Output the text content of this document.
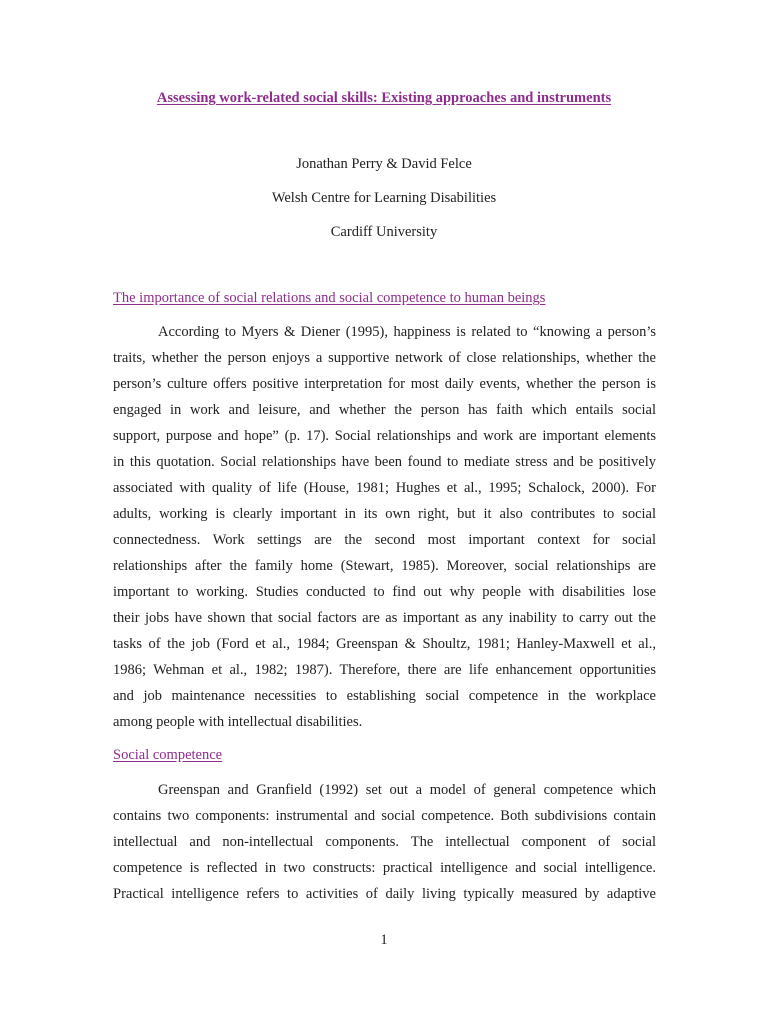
Assessing work-related social skills: Existing approaches and instruments
Jonathan Perry & David Felce
Welsh Centre for Learning Disabilities
Cardiff University
The importance of social relations and social competence to human beings
According to Myers & Diener (1995), happiness is related to “knowing a person’s
traits, whether the person enjoys a supportive network of close relationships, whether the
person’s culture offers positive interpretation for most daily events, whether the person is
engaged in work and leisure, and whether the person has faith which entails social
support, purpose and hope” (p. 17). Social relationships and work are important elements
in this quotation. Social relationships have been found to mediate stress and be positively
associated with quality of life (House, 1981; Hughes et al., 1995; Schalock, 2000). For
adults, working is clearly important in its own right, but it also contributes to social
connectedness. Work settings are the second most important context for social
relationships after the family home (Stewart, 1985). Moreover, social relationships are
important to working. Studies conducted to find out why people with disabilities lose
their jobs have shown that social factors are as important as any inability to carry out the
tasks of the job (Ford et al., 1984; Greenspan & Shoultz, 1981; Hanley-Maxwell et al.,
1986; Wehman et al., 1982; 1987). Therefore, there are life enhancement opportunities
and job maintenance necessities to establishing social competence in the workplace
among people with intellectual disabilities.
Social competence
Greenspan and Granfield (1992) set out a model of general competence which
contains two components: instrumental and social competence. Both subdivisions contain
intellectual and non-intellectual components. The intellectual component of social
competence is reflected in two constructs: practical intelligence and social intelligence.
Practical intelligence refers to activities of daily living typically measured by adaptive
1
